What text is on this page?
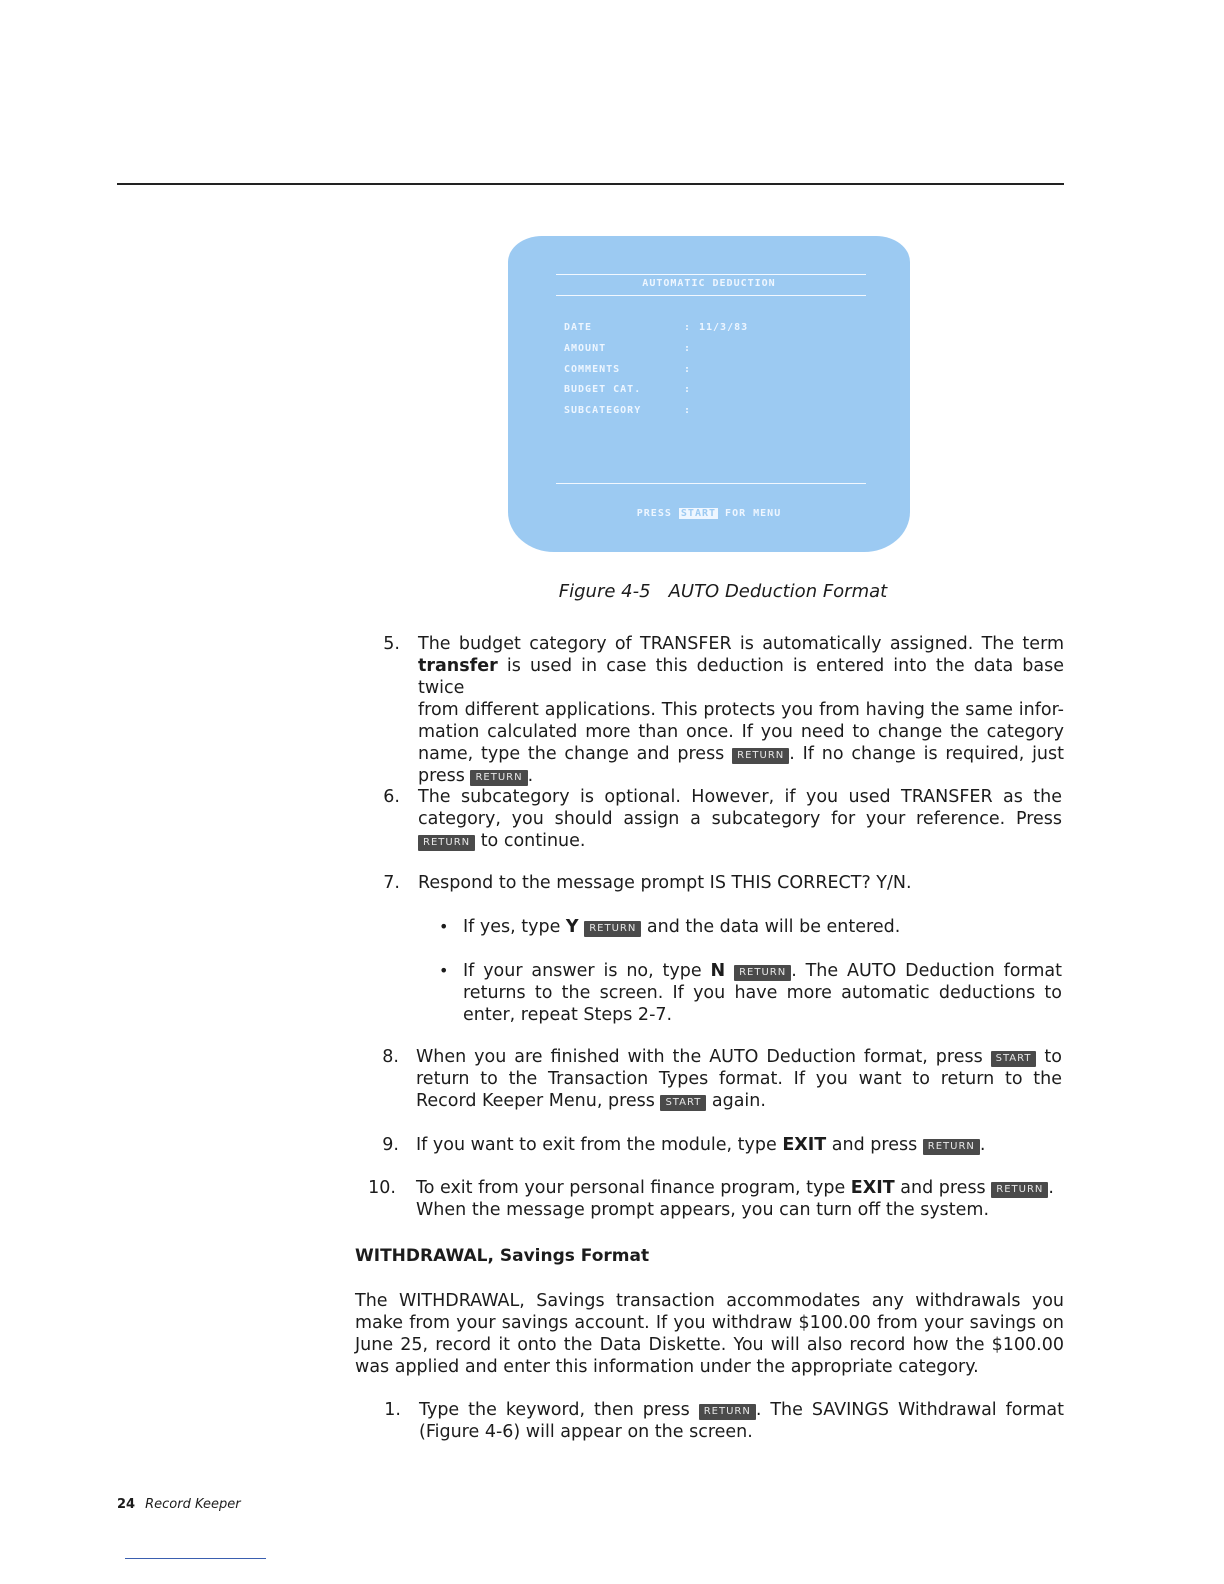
AUTOMATIC DEDUCTION
DATE	: 11/3/83
AMOUNT	:
COMMENTS	:
BUDGET CAT.	:
SUBCATEGORY	:
PRESS START FOR MENU
Figure 4-5 AUTO Deduction Format
5. The budget category of TRANSFER is automatically assigned. The term
transfer is used in case this deduction is entered into the data base twice
from different applications. This protects you from having the same infor-
mation calculated more than once. If you need to change the category
name, type the change and press RETURN . If no change is required, just
press RETURN .
6. The subcategory is optional. However, if you used TRANSFER as the
category, you should assign a subcategory for your reference. Press
RETURN to continue.
7. Respond to the message prompt IS THIS CORRECT? Y/N.
• If yes, type Y RETURN and the data will be entered.
• If your answer is no, type N RETURN . The AUTO Deduction format
returns to the screen. If you have more automatic deductions to
enter, repeat Steps 2-7.
8. When you are finished with the AUTO Deduction format, press START to
return to the Transaction Types format. If you want to return to the
Record Keeper Menu, press START again.
9. If you want to exit from the module, type EXIT and press RETURN .
10. To exit from your personal finance program, type EXIT and press RETURN .
When the message prompt appears, you can turn off the system.
WITHDRAWAL, Savings Format
The WITHDRAWAL, Savings transaction accommodates any withdrawals you
make from your savings account. If you withdraw $100.00 from your savings on
June 25, record it onto the Data Diskette. You will also record how the $100.00
was applied and enter this information under the appropriate category.
1. Type the keyword, then press RETURN . The SAVINGS Withdrawal format
(Figure 4-6) will appear on the screen.
24 Record Keeper
